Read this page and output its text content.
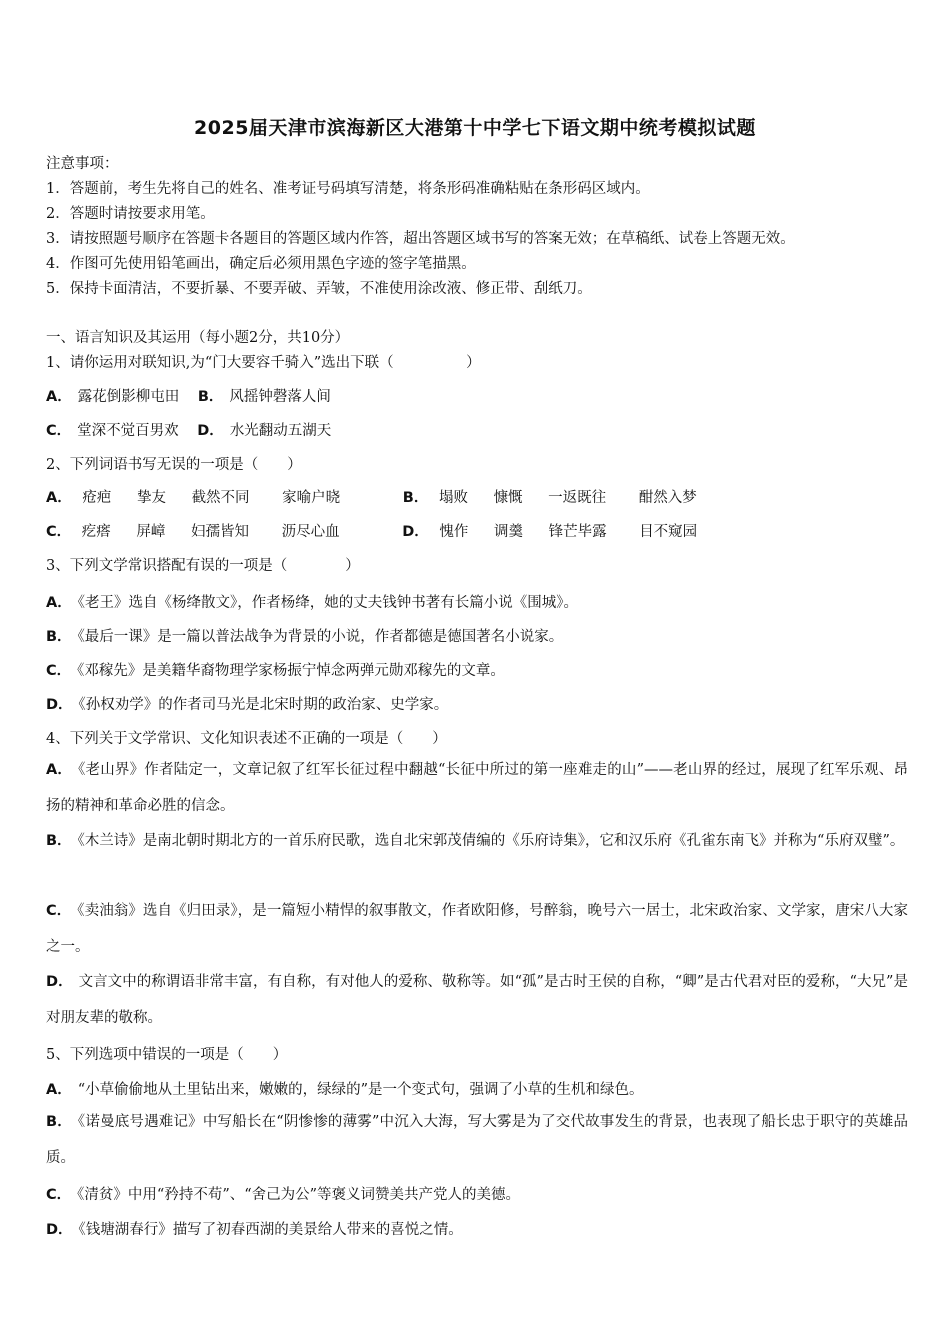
2025届天津市滨海新区大港第十中学七下语文期中统考模拟试题
注意事项：
1．答题前，考生先将自己的姓名、准考证号码填写清楚，将条形码准确粘贴在条形码区域内。
2．答题时请按要求用笔。
3．请按照题号顺序在答题卡各题目的答题区域内作答，超出答题区域书写的答案无效；在草稿纸、试卷上答题无效。
4．作图可先使用铅笔画出，确定后必须用黑色字迹的签字笔描黑。
5．保持卡面清洁，不要折暴、不要弄破、弄皱，不准使用涂改液、修正带、刮纸刀。
一、语言知识及其运用（每小题2分，共10分）
1、请你运用对联知识,为“门大要容千骑入”选出下联（　　　　　）
A． 露花倒影柳屯田 B． 风摇钟磬落人间
C． 堂深不觉百男欢 D． 水光翻动五湖天
2、下列词语书写无误的一项是（　　）
A． 疮疤 挚友 截然不同 家喻户晓	B． 塌败 慷慨 一返既往 酣然入梦
C． 疙瘩 屏嶂 妇孺皆知 沥尽心血	D． 愧作 调羹 锋芒毕露 目不窥园
3、下列文学常识搭配有误的一项是（　　　　）
A． 《老王》选自《杨绛散文》，作者杨绛，她的丈夫钱钟书著有长篇小说《围城》。
B． 《最后一课》是一篇以普法战争为背景的小说，作者都德是德国著名小说家。
C． 《邓稼先》是美籍华裔物理学家杨振宁悼念两弹元勋邓稼先的文章。
D． 《孙权劝学》的作者司马光是北宋时期的政治家、史学家。
4、下列关于文学常识、文化知识表述不正确的一项是（　　）
A． 《老山界》作者陆定一，文章记叙了红军长征过程中翻越“长征中所过的第一座难走的山”——老山界的经过，展现了红军乐观、昂扬的精神和革命必胜的信念。
B． 《木兰诗》是南北朝时期北方的一首乐府民歌，选自北宋郭茂倩编的《乐府诗集》，它和汉乐府《孔雀东南飞》并称为“乐府双璧”。
C． 《卖油翁》选自《归田录》，是一篇短小精悍的叙事散文，作者欧阳修，号醉翁，晚号六一居士，北宋政治家、文学家，唐宋八大家之一。
D． 文言文中的称谓语非常丰富，有自称，有对他人的爱称、敬称等。如“孤”是古时王侯的自称，“卿”是古代君对臣的爱称，“大兄”是对朋友辈的敬称。
5、下列选项中错误的一项是（　　）
A． “小草偷偷地从土里钻出来，嫩嫩的，绿绿的”是一个变式句，强调了小草的生机和绿色。
B． 《诺曼底号遇难记》中写船长在“阴惨惨的薄雾”中沉入大海，写大雾是为了交代故事发生的背景，也表现了船长忠于职守的英雄品质。
C． 《清贫》中用“矜持不苟”、“舍己为公”等褒义词赞美共产党人的美德。
D． 《钱塘湖春行》描写了初春西湖的美景给人带来的喜悦之情。
